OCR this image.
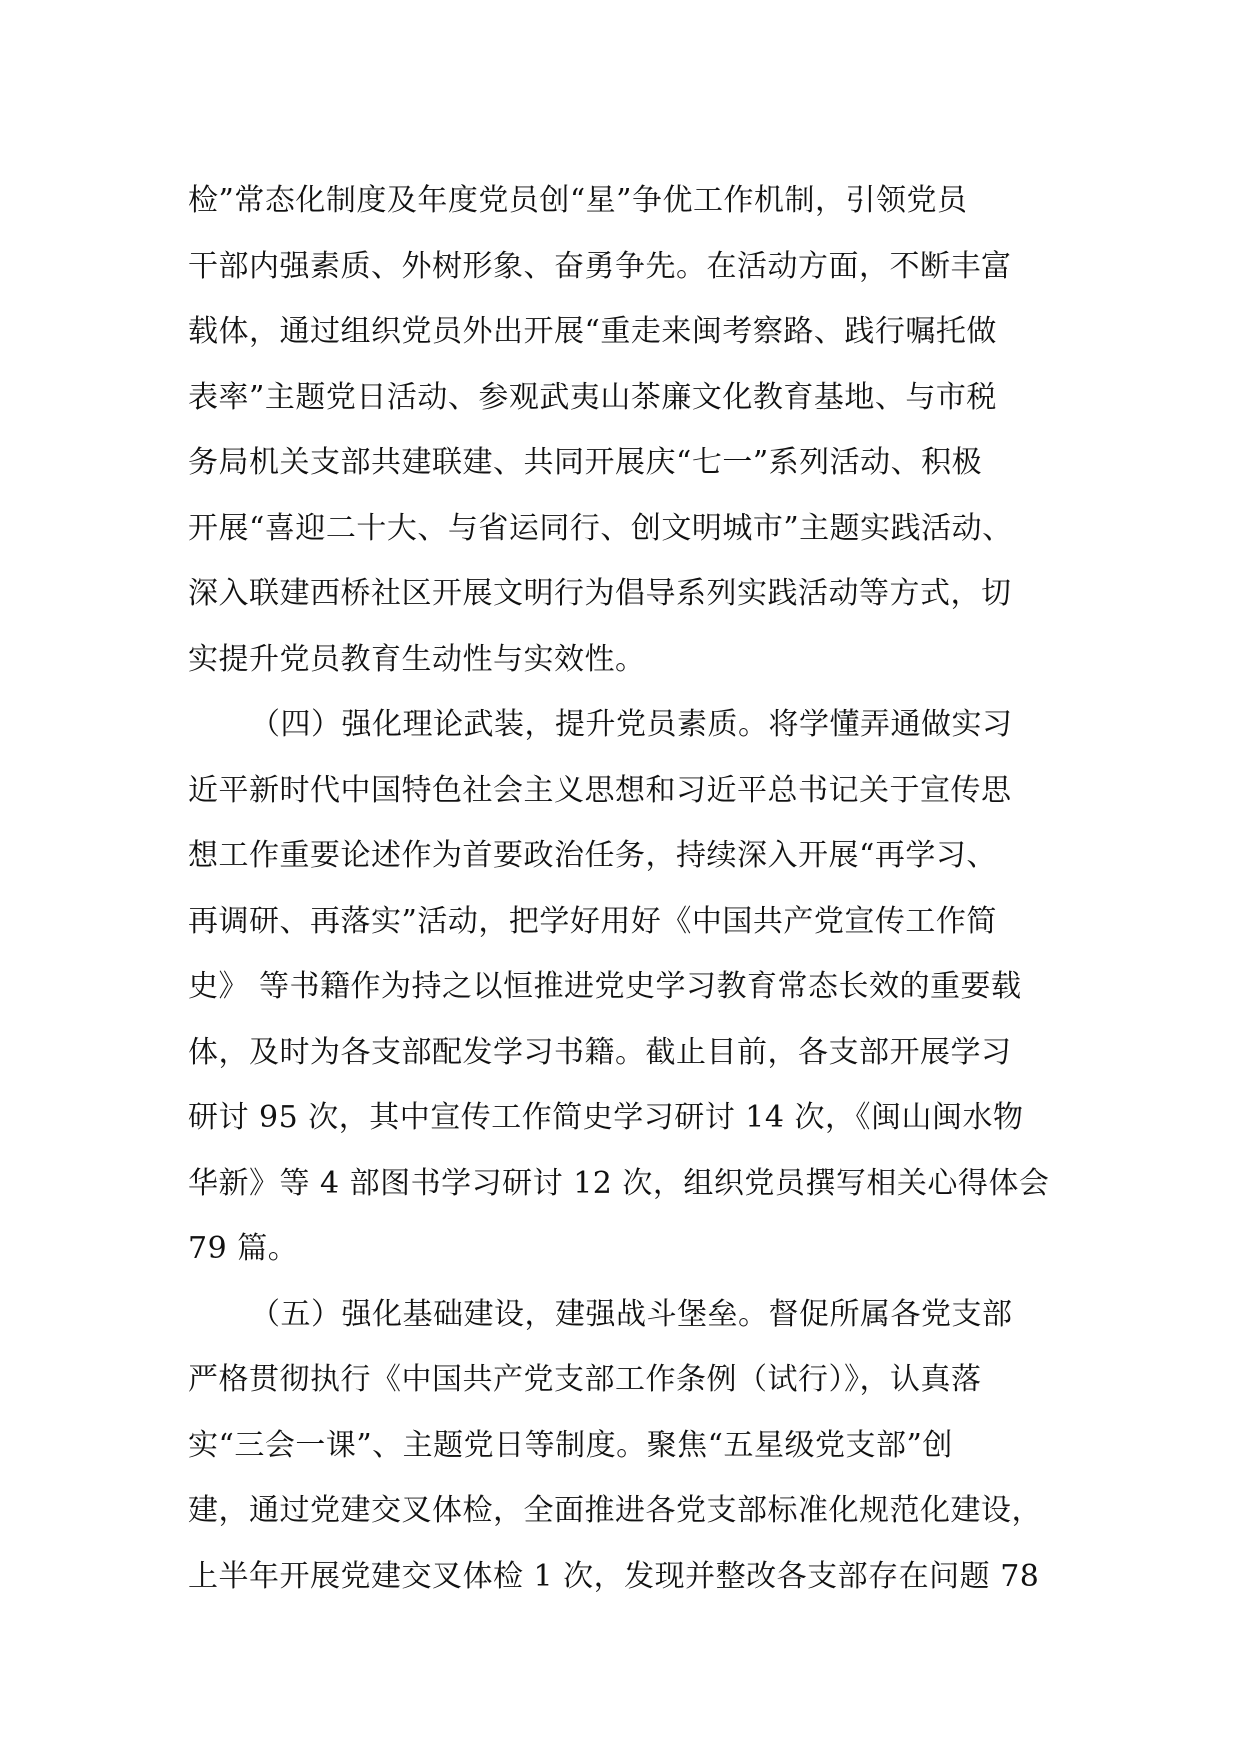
检”常态化制度及年度党员创“星”争优工作机制，引领党员
干部内强素质、外树形象、奋勇争先。在活动方面，不断丰富
载体，通过组织党员外出开展“重走来闽考察路、践行嘱托做
表率”主题党日活动、参观武夷山茶廉文化教育基地、与市税
务局机关支部共建联建、共同开展庆“七一”系列活动、积极
开展“喜迎二十大、与省运同行、创文明城市”主题实践活动、
深入联建西桥社区开展文明行为倡导系列实践活动等方式，切
实提升党员教育生动性与实效性。
（四）强化理论武装，提升党员素质。将学懂弄通做实习
近平新时代中国特色社会主义思想和习近平总书记关于宣传思
想工作重要论述作为首要政治任务，持续深入开展“再学习、
再调研、再落实”活动，把学好用好《中国共产党宣传工作简
史》 等书籍作为持之以恒推进党史学习教育常态长效的重要载
体，及时为各支部配发学习书籍。截止目前，各支部开展学习
研讨 95 次，其中宣传工作简史学习研讨 14 次，《闽山闽水物
华新》等 4 部图书学习研讨 12 次，组织党员撰写相关心得体会
79 篇。
（五）强化基础建设，建强战斗堡垒。督促所属各党支部
严格贯彻执行《中国共产党支部工作条例（试行）》，认真落
实“三会一课”、主题党日等制度。聚焦“五星级党支部”创
建，通过党建交叉体检，全面推进各党支部标准化规范化建设，
上半年开展党建交叉体检 1 次，发现并整改各支部存在问题 78
